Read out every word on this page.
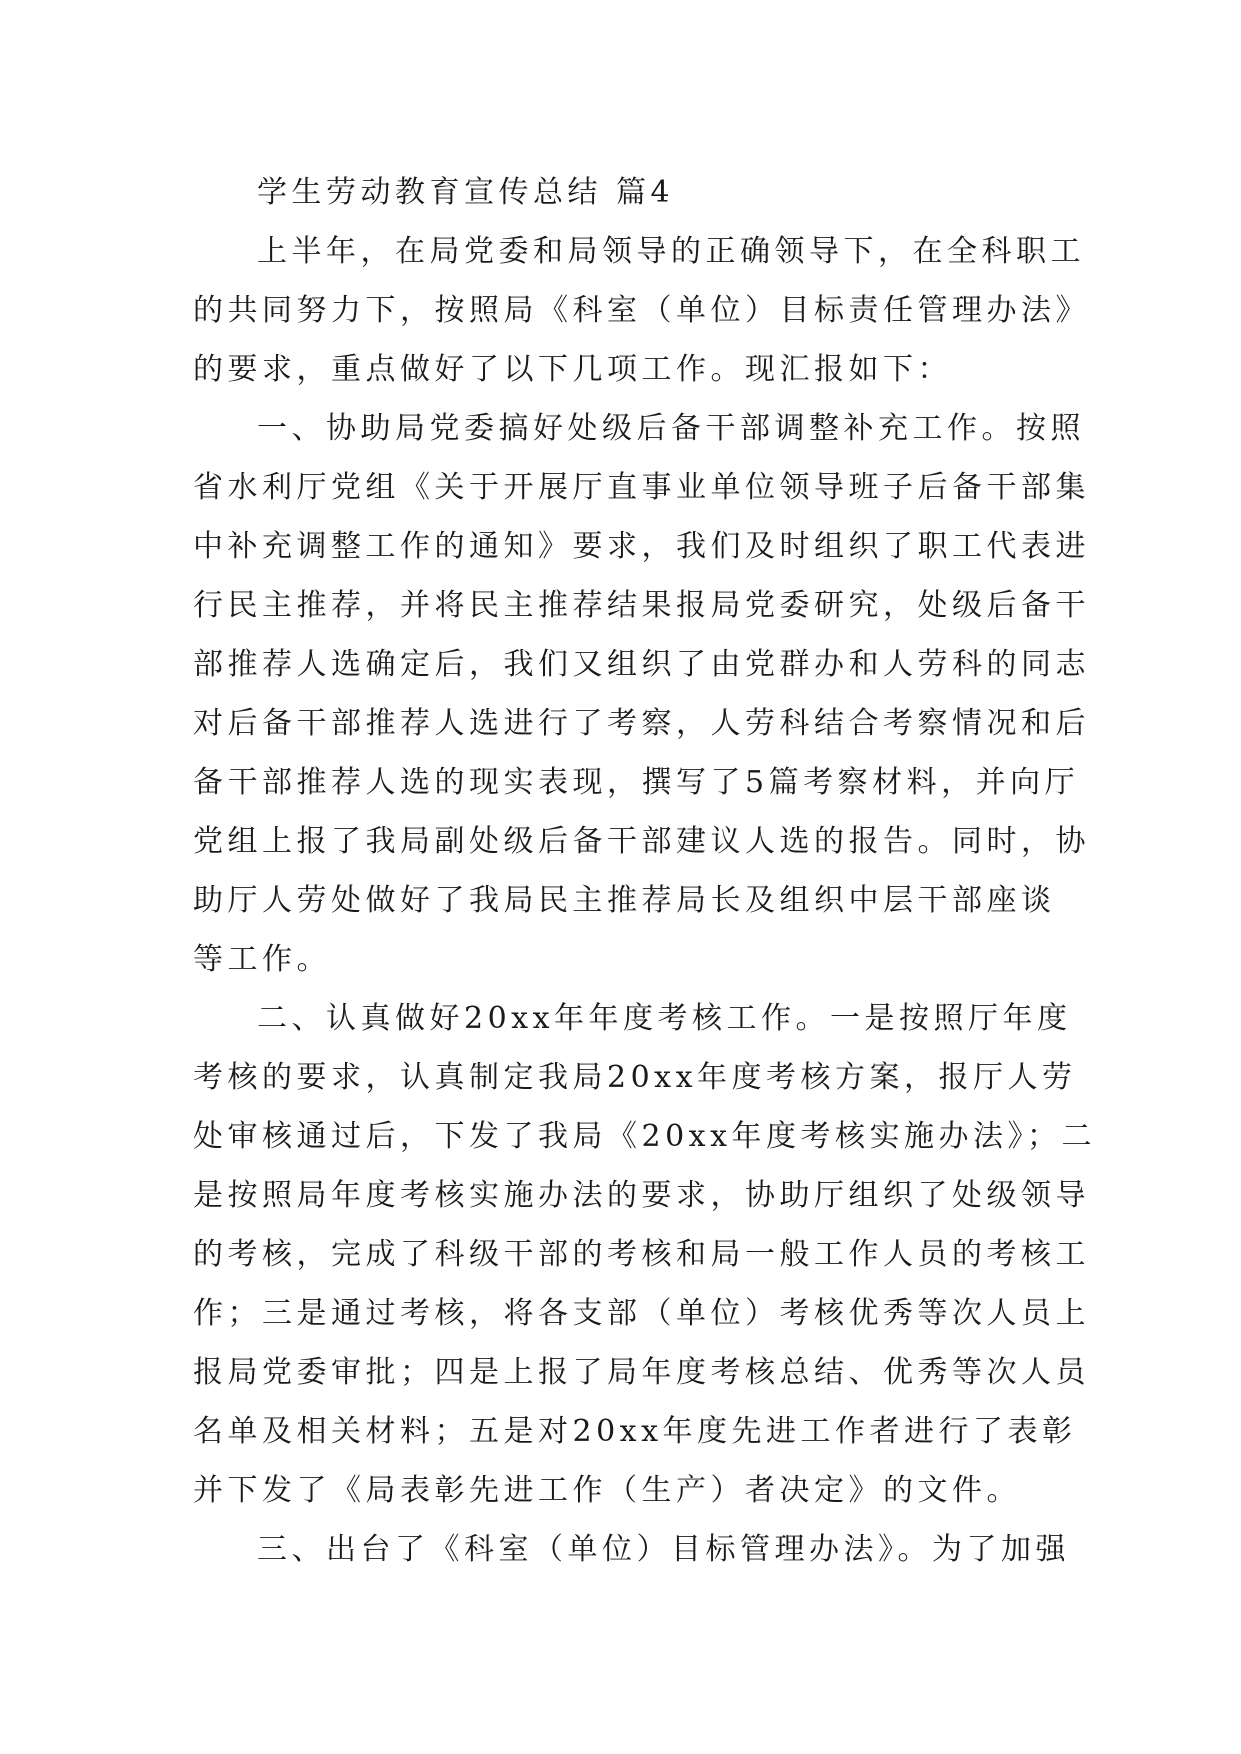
学生劳动教育宣传总结 篇4

上半年，在局党委和局领导的正确领导下，在全科职工
的共同努力下，按照局《科室（单位）目标责任管理办法》
的要求，重点做好了以下几项工作。现汇报如下：

一、协助局党委搞好处级后备干部调整补充工作。按照
省水利厅党组《关于开展厅直事业单位领导班子后备干部集
中补充调整工作的通知》要求，我们及时组织了职工代表进
行民主推荐，并将民主推荐结果报局党委研究，处级后备干
部推荐人选确定后，我们又组织了由党群办和人劳科的同志
对后备干部推荐人选进行了考察，人劳科结合考察情况和后
备干部推荐人选的现实表现，撰写了5篇考察材料，并向厅
党组上报了我局副处级后备干部建议人选的报告。同时，协
助厅人劳处做好了我局民主推荐局长及组织中层干部座谈
等工作。

二、认真做好20xx年年度考核工作。一是按照厅年度
考核的要求，认真制定我局20xx年度考核方案，报厅人劳
处审核通过后，下发了我局《20xx年度考核实施办法》；二
是按照局年度考核实施办法的要求，协助厅组织了处级领导
的考核，完成了科级干部的考核和局一般工作人员的考核工
作；三是通过考核，将各支部（单位）考核优秀等次人员上
报局党委审批；四是上报了局年度考核总结、优秀等次人员
名单及相关材料；五是对20xx年度先进工作者进行了表彰
并下发了《局表彰先进工作（生产）者决定》的文件。

三、出台了《科室（单位）目标管理办法》。为了加强
